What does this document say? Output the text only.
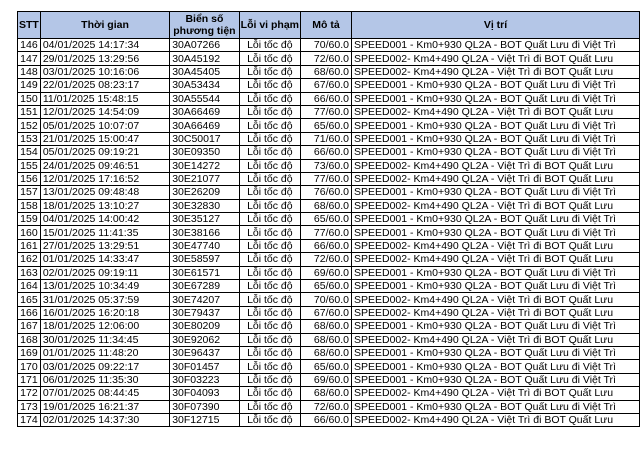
STT	Thời gian	Biển số phương tiện	Lỗi vi phạm	Mô tả	Vị trí
146	04/01/2025 14:17:34	30A07266	Lỗi tốc độ	70/60.0	SPEED001 - Km0+930 QL2A - BOT Quất Lưu đi Việt Trì
147	29/01/2025 13:29:56	30A45192	Lỗi tốc độ	72/60.0	SPEED002- Km4+490 QL2A - Việt Trì đi BOT Quất Lưu
148	03/01/2025 10:16:06	30A45405	Lỗi tốc độ	68/60.0	SPEED002- Km4+490 QL2A - Việt Trì đi BOT Quất Lưu
149	22/01/2025 08:23:17	30A53434	Lỗi tốc độ	67/60.0	SPEED001 - Km0+930 QL2A - BOT Quất Lưu đi Việt Trì
150	11/01/2025 15:48:15	30A55544	Lỗi tốc độ	66/60.0	SPEED001 - Km0+930 QL2A - BOT Quất Lưu đi Việt Trì
151	12/01/2025 14:54:09	30A66469	Lỗi tốc độ	77/60.0	SPEED002- Km4+490 QL2A - Việt Trì đi BOT Quất Lưu
152	05/01/2025 10:07:07	30A66469	Lỗi tốc độ	65/60.0	SPEED001 - Km0+930 QL2A - BOT Quất Lưu đi Việt Trì
153	21/01/2025 15:00:47	30C50017	Lỗi tốc độ	71/60.0	SPEED001 - Km0+930 QL2A - BOT Quất Lưu đi Việt Trì
154	05/01/2025 09:19:21	30E09350	Lỗi tốc độ	66/60.0	SPEED001 - Km0+930 QL2A - BOT Quất Lưu đi Việt Trì
155	24/01/2025 09:46:51	30E14272	Lỗi tốc độ	73/60.0	SPEED002- Km4+490 QL2A - Việt Trì đi BOT Quất Lưu
156	12/01/2025 17:16:52	30E21077	Lỗi tốc độ	77/60.0	SPEED002- Km4+490 QL2A - Việt Trì đi BOT Quất Lưu
157	13/01/2025 09:48:48	30E26209	Lỗi tốc độ	76/60.0	SPEED001 - Km0+930 QL2A - BOT Quất Lưu đi Việt Trì
158	18/01/2025 13:10:27	30E32830	Lỗi tốc độ	68/60.0	SPEED002- Km4+490 QL2A - Việt Trì đi BOT Quất Lưu
159	04/01/2025 14:00:42	30E35127	Lỗi tốc độ	65/60.0	SPEED001 - Km0+930 QL2A - BOT Quất Lưu đi Việt Trì
160	15/01/2025 11:41:35	30E38166	Lỗi tốc độ	77/60.0	SPEED001 - Km0+930 QL2A - BOT Quất Lưu đi Việt Trì
161	27/01/2025 13:29:51	30E47740	Lỗi tốc độ	66/60.0	SPEED002- Km4+490 QL2A - Việt Trì đi BOT Quất Lưu
162	01/01/2025 14:33:47	30E58597	Lỗi tốc độ	72/60.0	SPEED002- Km4+490 QL2A - Việt Trì đi BOT Quất Lưu
163	02/01/2025 09:19:11	30E61571	Lỗi tốc độ	69/60.0	SPEED001 - Km0+930 QL2A - BOT Quất Lưu đi Việt Trì
164	13/01/2025 10:34:49	30E67289	Lỗi tốc độ	65/60.0	SPEED001 - Km0+930 QL2A - BOT Quất Lưu đi Việt Trì
165	31/01/2025 05:37:59	30E74207	Lỗi tốc độ	70/60.0	SPEED002- Km4+490 QL2A - Việt Trì đi BOT Quất Lưu
166	16/01/2025 16:20:18	30E79437	Lỗi tốc độ	67/60.0	SPEED002- Km4+490 QL2A - Việt Trì đi BOT Quất Lưu
167	18/01/2025 12:06:00	30E80209	Lỗi tốc độ	68/60.0	SPEED001 - Km0+930 QL2A - BOT Quất Lưu đi Việt Trì
168	30/01/2025 11:34:45	30E92062	Lỗi tốc độ	68/60.0	SPEED002- Km4+490 QL2A - Việt Trì đi BOT Quất Lưu
169	01/01/2025 11:48:20	30E96437	Lỗi tốc độ	68/60.0	SPEED001 - Km0+930 QL2A - BOT Quất Lưu đi Việt Trì
170	03/01/2025 09:22:17	30F01457	Lỗi tốc độ	65/60.0	SPEED001 - Km0+930 QL2A - BOT Quất Lưu đi Việt Trì
171	06/01/2025 11:35:30	30F03223	Lỗi tốc độ	69/60.0	SPEED001 - Km0+930 QL2A - BOT Quất Lưu đi Việt Trì
172	07/01/2025 08:44:45	30F04093	Lỗi tốc độ	68/60.0	SPEED002- Km4+490 QL2A - Việt Trì đi BOT Quất Lưu
173	19/01/2025 16:21:37	30F07390	Lỗi tốc độ	72/60.0	SPEED001 - Km0+930 QL2A - BOT Quất Lưu đi Việt Trì
174	02/01/2025 14:37:30	30F12715	Lỗi tốc độ	66/60.0	SPEED002- Km4+490 QL2A - Việt Trì đi BOT Quất Lưu
